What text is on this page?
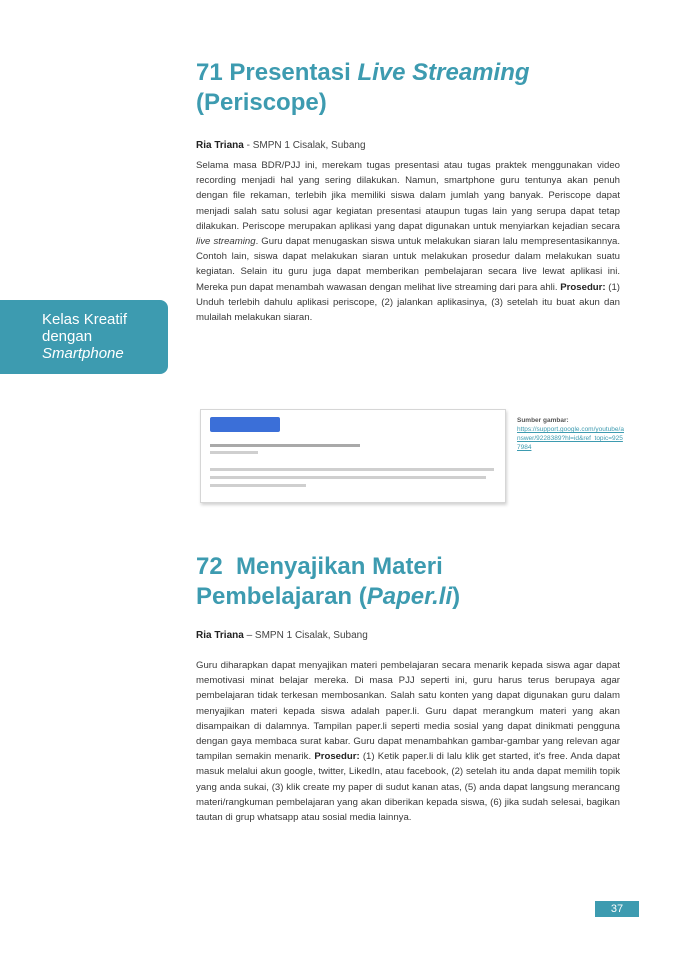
Kelas Kreatif
dengan
Smartphone
71 Presentasi Live Streaming
(Periscope)
Ria Triana - SMPN 1 Cisalak, Subang

Selama masa BDR/PJJ ini, merekam tugas presentasi atau tugas praktek menggunakan video recording menjadi hal yang sering dilakukan. Namun, smartphone guru tentunya akan penuh dengan file rekaman, terlebih jika memiliki siswa dalam jumlah yang banyak. Periscope dapat menjadi salah satu solusi agar kegiatan presentasi ataupun tugas lain yang serupa dapat tetap dilakukan. Periscope merupakan aplikasi yang dapat digunakan untuk menyiarkan kejadian secara live streaming. Guru dapat menugaskan siswa untuk melakukan siaran lalu mempresentasikannya. Contoh lain, siswa dapat melakukan siaran untuk melakukan prosedur dalam melakukan suatu kegiatan. Selain itu guru juga dapat memberikan pembelajaran secara live lewat aplikasi ini. Mereka pun dapat menambah wawasan dengan melihat live streaming dari para ahli. Prosedur: (1) Unduh terlebih dahulu aplikasi periscope, (2) jalankan aplikasinya, (3) setelah itu buat akun dan mulailah melakukan siaran.

Sumber gambar:
https://support.google.com/youtube/answer/9228389?hl=id&ref_topic=9257984
72 Menyajikan Materi
Pembelajaran (Paper.li)
Ria Triana – SMPN 1 Cisalak, Subang

Guru diharapkan dapat menyajikan materi pembelajaran secara menarik kepada siswa agar dapat memotivasi minat belajar mereka. Di masa PJJ seperti ini, guru harus terus berupaya agar pembelajaran tidak terkesan membosankan. Salah satu konten yang dapat digunakan guru dalam menyajikan materi kepada siswa adalah paper.li. Guru dapat merangkum materi yang akan disampaikan di dalamnya. Tampilan paper.li seperti media sosial yang dapat dinikmati pengguna dengan gaya membaca surat kabar. Guru dapat menambahkan gambar-gambar yang relevan agar tampilan semakin menarik. Prosedur: (1) Ketik paper.li di lalu klik get started, it's free. Anda dapat masuk melalui akun google, twitter, LikedIn, atau facebook, (2) setelah itu anda dapat memilih topik yang anda sukai, (3) klik create my paper di sudut kanan atas, (5) anda dapat langsung merancang materi/rangkuman pembelajaran yang akan diberikan kepada siswa, (6) jika sudah selesai, bagikan tautan di grup whatsapp atau sosial media lainnya.

37
